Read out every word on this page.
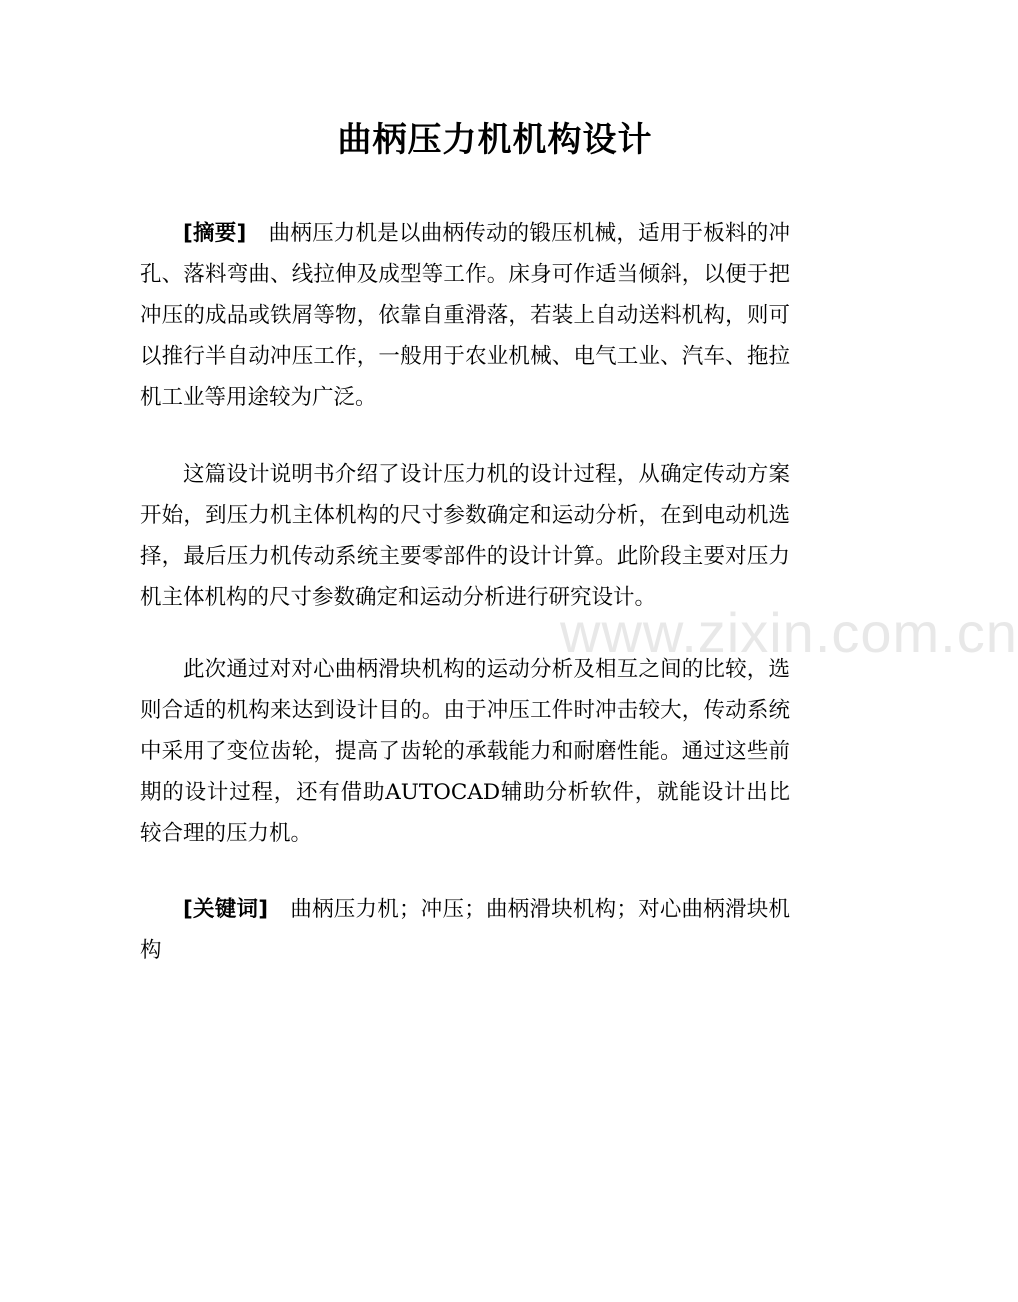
曲柄压力机机构设计

[摘要] 曲柄压力机是以曲柄传动的锻压机械，适用于板料的冲孔、落料弯曲、线拉伸及成型等工作。床身可作适当倾斜，以便于把冲压的成品或铁屑等物，依靠自重滑落，若装上自动送料机构，则可以推行半自动冲压工作，一般用于农业机械、电气工业、汽车、拖拉机工业等用途较为广泛。

这篇设计说明书介绍了设计压力机的设计过程，从确定传动方案开始，到压力机主体机构的尺寸参数确定和运动分析，在到电动机选择，最后压力机传动系统主要零部件的设计计算。此阶段主要对压力机主体机构的尺寸参数确定和运动分析进行研究设计。

此次通过对对心曲柄滑块机构的运动分析及相互之间的比较，选则合适的机构来达到设计目的。由于冲压工件时冲击较大，传动系统中采用了变位齿轮，提高了齿轮的承载能力和耐磨性能。通过这些前期的设计过程，还有借助AUTOCAD辅助分析软件，就能设计出比较合理的压力机。

[关键词] 曲柄压力机；冲压；曲柄滑块机构；对心曲柄滑块机构

www.zixin.com.cn
